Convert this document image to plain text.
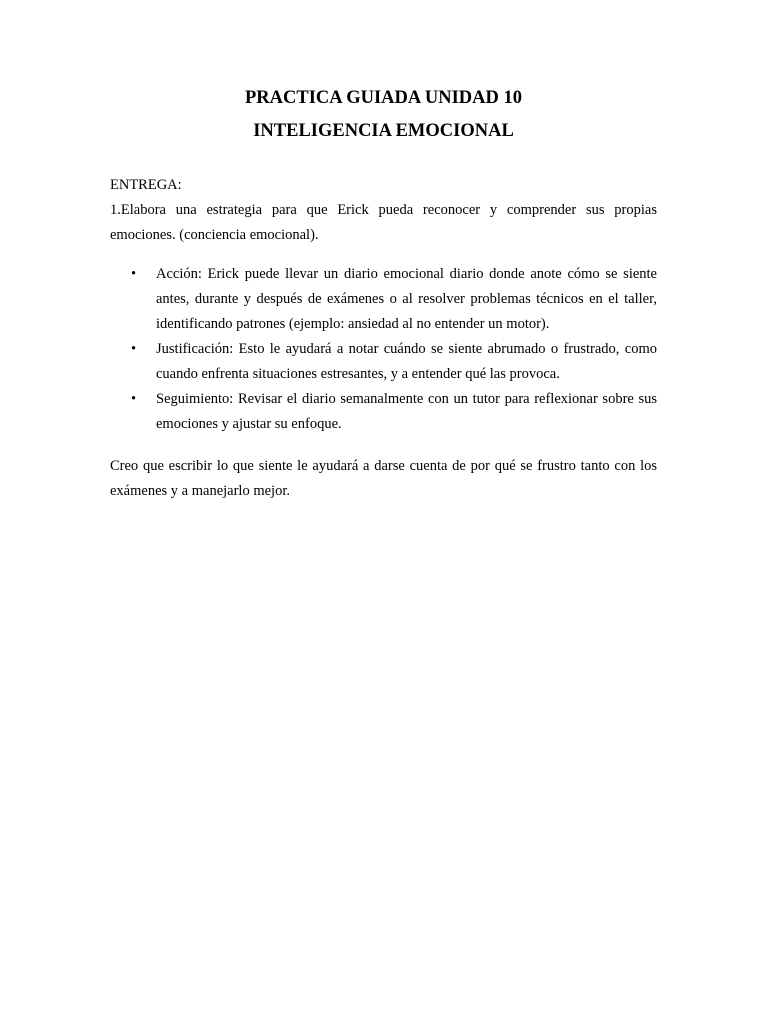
PRACTICA GUIADA UNIDAD 10
INTELIGENCIA EMOCIONAL

ENTREGA:

1.Elabora una estrategia para que Erick pueda reconocer y comprender sus propias emociones. (conciencia emocional).

• Acción: Erick puede llevar un diario emocional diario donde anote cómo se siente antes, durante y después de exámenes o al resolver problemas técnicos en el taller, identificando patrones (ejemplo: ansiedad al no entender un motor).
• Justificación: Esto le ayudará a notar cuándo se siente abrumado o frustrado, como cuando enfrenta situaciones estresantes, y a entender qué las provoca.
• Seguimiento: Revisar el diario semanalmente con un tutor para reflexionar sobre sus emociones y ajustar su enfoque.

Creo que escribir lo que siente le ayudará a darse cuenta de por qué se frustro tanto con los exámenes y a manejarlo mejor.
